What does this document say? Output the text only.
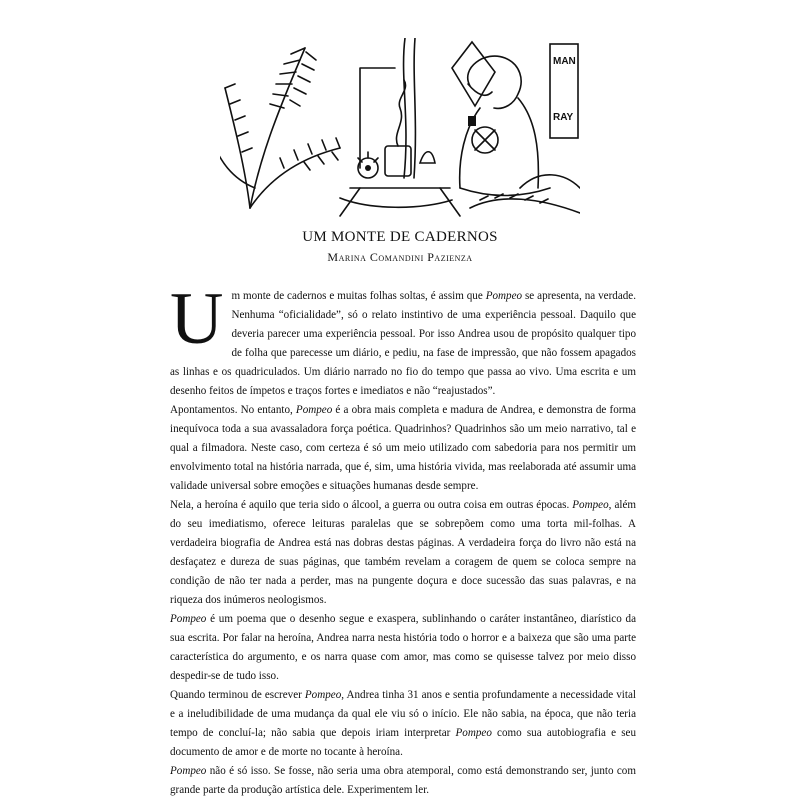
MAN
RAY
UM MONTE DE CADERNOS
Marina Comandini Pazienza
U m monte de cadernos e muitas folhas soltas, é assim que Pompeo se apresenta, na verdade. Nenhuma “oficialidade”, só o relato instintivo de uma experiência pessoal. Daquilo que deveria parecer uma experiência pessoal. Por isso Andrea usou de propósito qualquer tipo de folha que parecesse um diário, e pediu, na fase de impressão, que não fossem apagados as linhas e os quadriculados. Um diário narrado no fio do tempo que passa ao vivo. Uma escrita e um desenho feitos de ímpetos e traços fortes e imediatos e não “reajustados”.

Apontamentos. No entanto, Pompeo é a obra mais completa e madura de Andrea, e demonstra de forma inequívoca toda a sua avassaladora força poética. Quadrinhos? Quadrinhos são um meio narrativo, tal e qual a filmadora. Neste caso, com certeza é só um meio utilizado com sabedoria para nos permitir um envolvimento total na história narrada, que é, sim, uma história vivida, mas reelaborada até assumir uma validade universal sobre emoções e situações humanas desde sempre.

Nela, a heroína é aquilo que teria sido o álcool, a guerra ou outra coisa em outras épocas. Pompeo, além do seu imediatismo, oferece leituras paralelas que se sobrepõem como uma torta mil-folhas. A verdadeira biografia de Andrea está nas dobras destas páginas. A verdadeira força do livro não está na desfaçatez e dureza de suas páginas, que também revelam a coragem de quem se coloca sempre na condição de não ter nada a perder, mas na pungente doçura e doce sucessão das suas palavras, e na riqueza dos inúmeros neologismos.

Pompeo é um poema que o desenho segue e exaspera, sublinhando o caráter instantâneo, diarístico da sua escrita. Por falar na heroína, Andrea narra nesta história todo o horror e a baixeza que são uma parte característica do argumento, e os narra quase com amor, mas como se quisesse talvez por meio disso despedir-se de tudo isso.

Quando terminou de escrever Pompeo, Andrea tinha 31 anos e sentia profundamente a necessidade vital e a ineludibilidade de uma mudança da qual ele viu só o início. Ele não sabia, na época, que não teria tempo de concluí-la; não sabia que depois iriam interpretar Pompeo como sua autobiografia e seu documento de amor e de morte no tocante à heroína.

Pompeo não é só isso. Se fosse, não seria uma obra atemporal, como está demonstrando ser, junto com grande parte da produção artística dele. Experimentem ler.
